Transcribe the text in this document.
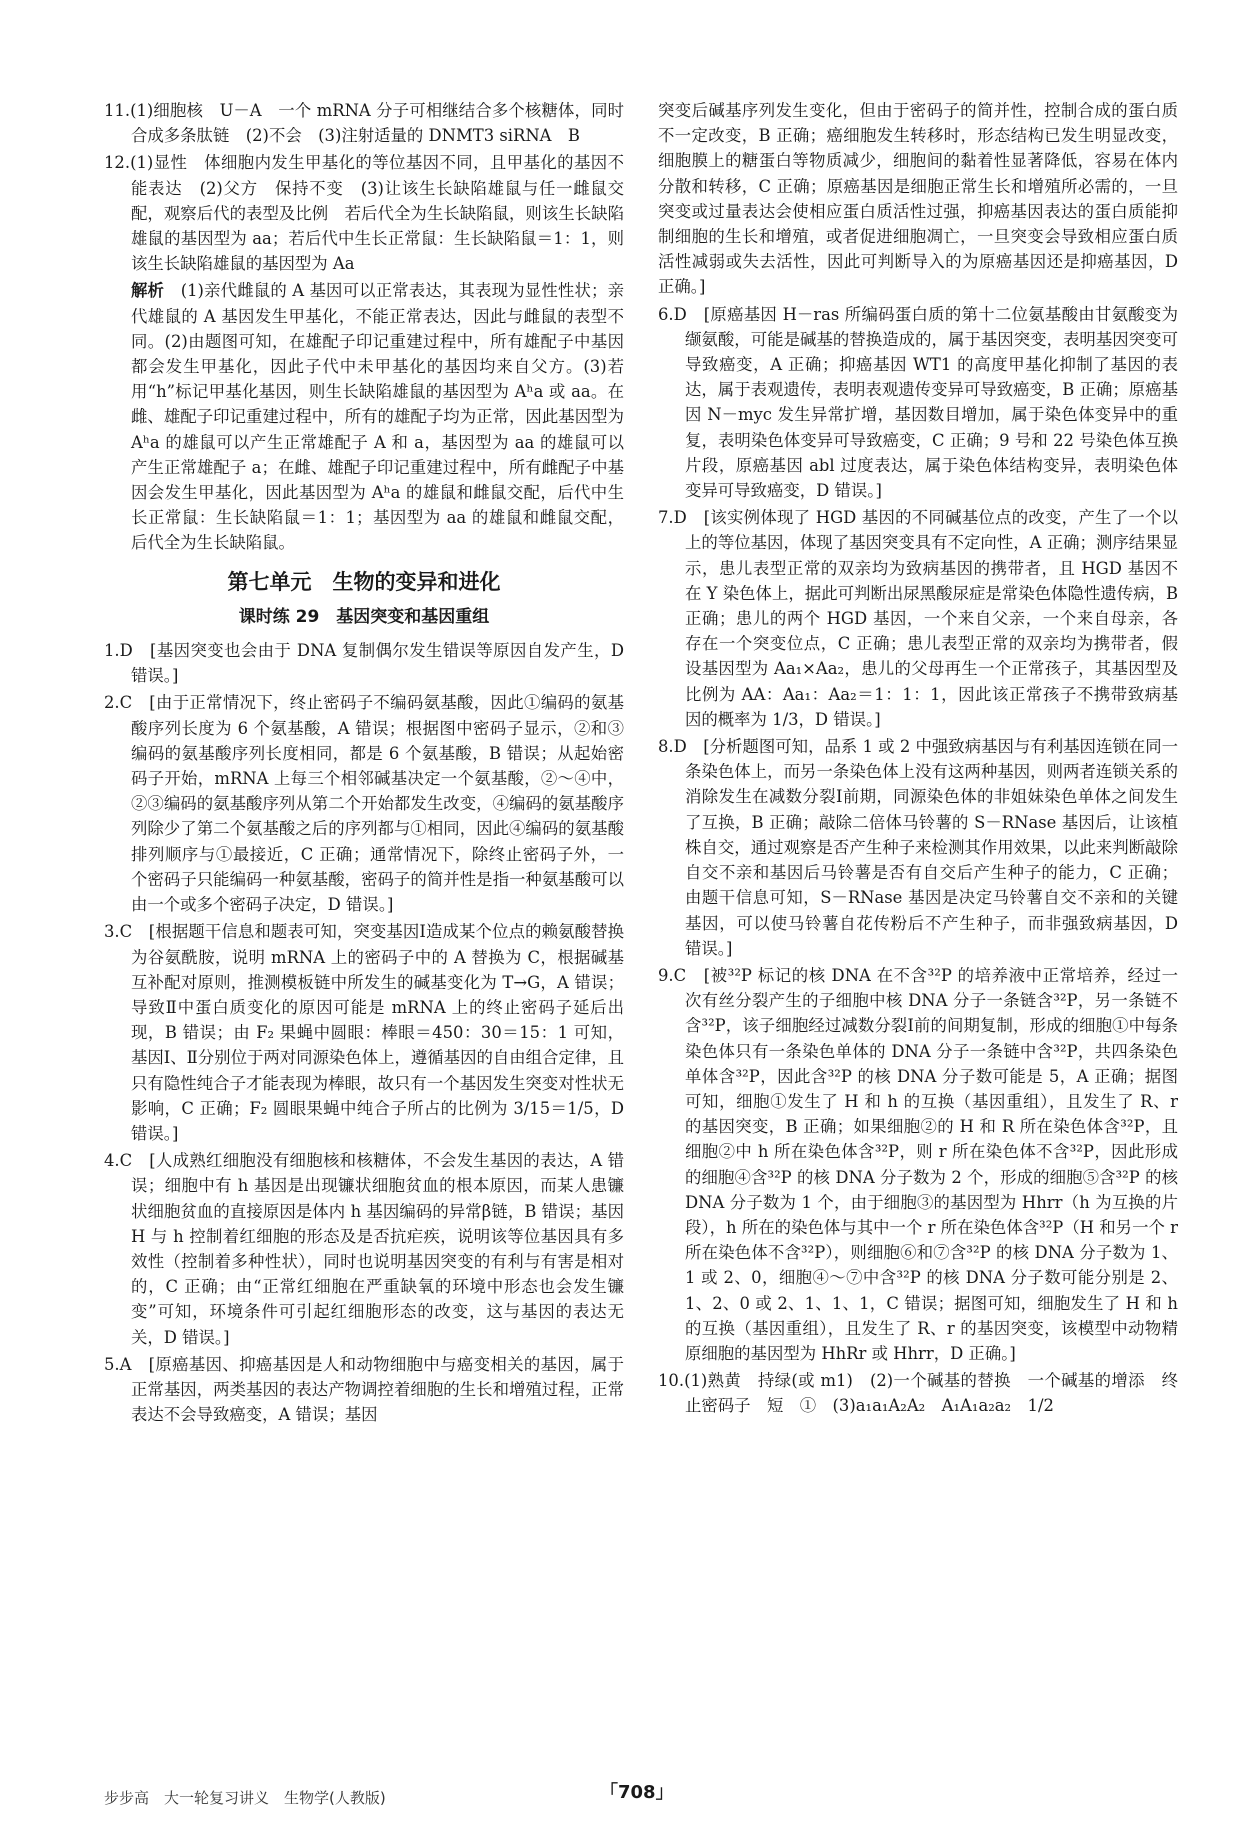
11.(1)细胞核　U－A　一个 mRNA 分子可相继结合多个核糖体，同时合成多条肽链　(2)不会　(3)注射适量的 DNMT3 siRNA　B

12.(1)显性　体细胞内发生甲基化的等位基因不同，且甲基化的基因不能表达　(2)父方　保持不变　(3)让该生长缺陷雄鼠与任一雌鼠交配，观察后代的表型及比例　若后代全为生长缺陷鼠，则该生长缺陷雄鼠的基因型为 aa；若后代中生长正常鼠：生长缺陷鼠＝1：1，则该生长缺陷雄鼠的基因型为 Aa

解析　 (1)亲代雌鼠的 A 基因可以正常表达，其表现为显性性状；亲代雄鼠的 A 基因发生甲基化，不能正常表达，因此与雌鼠的表型不同。(2)由题图可知，在雄配子印记重建过程中，所有雄配子中基因都会发生甲基化，因此子代中未甲基化的基因均来自父方。(3)若用“h”标记甲基化基因，则生长缺陷雄鼠的基因型为 Aʰa 或 aa。在雌、雄配子印记重建过程中，所有的雄配子均为正常，因此基因型为 Aʰa 的雄鼠可以产生正常雄配子 A 和 a，基因型为 aa 的雄鼠可以产生正常雄配子 a；在雌、雄配子印记重建过程中，所有雌配子中基因会发生甲基化，因此基因型为 Aʰa 的雄鼠和雌鼠交配，后代中生长正常鼠：生长缺陷鼠＝1：1；基因型为 aa 的雄鼠和雌鼠交配，后代全为生长缺陷鼠。

第七单元　生物的变异和进化
课时练 29　基因突变和基因重组

1.D　[基因突变也会由于 DNA 复制偶尔发生错误等原因自发产生，D 错误。]

2.C　[由于正常情况下，终止密码子不编码氨基酸，因此①编码的氨基酸序列长度为 6 个氨基酸，A 错误；根据图中密码子显示，②和③编码的氨基酸序列长度相同，都是 6 个氨基酸，B 错误；从起始密码子开始，mRNA 上每三个相邻碱基决定一个氨基酸，②～④中，②③编码的氨基酸序列从第二个开始都发生改变，④编码的氨基酸序列除少了第二个氨基酸之后的序列都与①相同，因此④编码的氨基酸排列顺序与①最接近，C 正确；通常情况下，除终止密码子外，一个密码子只能编码一种氨基酸，密码子的简并性是指一种氨基酸可以由一个或多个密码子决定，D 错误。]

3.C　[根据题干信息和题表可知，突变基因Ⅰ造成某个位点的赖氨酸替换为谷氨酰胺，说明 mRNA 上的密码子中的 A 替换为 C，根据碱基互补配对原则，推测模板链中所发生的碱基变化为 T→G，A 错误；导致Ⅱ中蛋白质变化的原因可能是 mRNA 上的终止密码子延后出现，B 错误；由 F₂ 果蝇中圆眼：棒眼＝450：30＝15：1 可知，基因Ⅰ、Ⅱ分别位于两对同源染色体上，遵循基因的自由组合定律，且只有隐性纯合子才能表现为棒眼，故只有一个基因发生突变对性状无影响，C 正确；F₂ 圆眼果蝇中纯合子所占的比例为 3/15＝1/5，D 错误。]

4.C　[人成熟红细胞没有细胞核和核糖体，不会发生基因的表达，A 错误；细胞中有 h 基因是出现镰状细胞贫血的根本原因，而某人患镰状细胞贫血的直接原因是体内 h 基因编码的异常β链，B 错误；基因 H 与 h 控制着红细胞的形态及是否抗疟疾，说明该等位基因具有多效性（控制着多种性状），同时也说明基因突变的有利与有害是相对的，C 正确；由“正常红细胞在严重缺氧的环境中形态也会发生镰变”可知，环境条件可引起红细胞形态的改变，这与基因的表达无关，D 错误。]

5.A　[原癌基因、抑癌基因是人和动物细胞中与癌变相关的基因，属于正常基因，两类基因的表达产物调控着细胞的生长和增殖过程，正常表达不会导致癌变，A 错误；基因

突变后碱基序列发生变化，但由于密码子的简并性，控制合成的蛋白质不一定改变，B 正确；癌细胞发生转移时，形态结构已发生明显改变，细胞膜上的糖蛋白等物质减少，细胞间的黏着性显著降低，容易在体内分散和转移，C 正确；原癌基因是细胞正常生长和增殖所必需的，一旦突变或过量表达会使相应蛋白质活性过强，抑癌基因表达的蛋白质能抑制细胞的生长和增殖，或者促进细胞凋亡，一旦突变会导致相应蛋白质活性减弱或失去活性，因此可判断导入的为原癌基因还是抑癌基因，D 正确。]

6.D　[原癌基因 H－ras 所编码蛋白质的第十二位氨基酸由甘氨酸变为缬氨酸，可能是碱基的替换造成的，属于基因突变，表明基因突变可导致癌变，A 正确；抑癌基因 WT1 的高度甲基化抑制了基因的表达，属于表观遗传，表明表观遗传变异可导致癌变，B 正确；原癌基因 N－myc 发生异常扩增，基因数目增加，属于染色体变异中的重复，表明染色体变异可导致癌变，C 正确；9 号和 22 号染色体互换片段，原癌基因 abl 过度表达，属于染色体结构变异，表明染色体变异可导致癌变，D 错误。]

7.D　[该实例体现了 HGD 基因的不同碱基位点的改变，产生了一个以上的等位基因，体现了基因突变具有不定向性，A 正确；测序结果显示，患儿表型正常的双亲均为致病基因的携带者，且 HGD 基因不在 Y 染色体上，据此可判断出尿黑酸尿症是常染色体隐性遗传病，B 正确；患儿的两个 HGD 基因，一个来自父亲，一个来自母亲，各存在一个突变位点，C 正确；患儿表型正常的双亲均为携带者，假设基因型为 Aa₁×Aa₂，患儿的父母再生一个正常孩子，其基因型及比例为 AA：Aa₁：Aa₂＝1：1：1，因此该正常孩子不携带致病基因的概率为 1/3，D 错误。]

8.D　[分析题图可知，品系 1 或 2 中强致病基因与有利基因连锁在同一条染色体上，而另一条染色体上没有这两种基因，则两者连锁关系的消除发生在减数分裂Ⅰ前期，同源染色体的非姐妹染色单体之间发生了互换，B 正确；敲除二倍体马铃薯的 S－RNase 基因后，让该植株自交，通过观察是否产生种子来检测其作用效果，以此来判断敲除自交不亲和基因后马铃薯是否有自交后产生种子的能力，C 正确；由题干信息可知，S－RNase 基因是决定马铃薯自交不亲和的关键基因，可以使马铃薯自花传粉后不产生种子，而非强致病基因，D 错误。]

9.C　[被³²P 标记的核 DNA 在不含³²P 的培养液中正常培养，经过一次有丝分裂产生的子细胞中核 DNA 分子一条链含³²P，另一条链不含³²P，该子细胞经过减数分裂Ⅰ前的间期复制，形成的细胞①中每条染色体只有一条染色单体的 DNA 分子一条链中含³²P，共四条染色单体含³²P，因此含³²P 的核 DNA 分子数可能是 5，A 正确；据图可知，细胞①发生了 H 和 h 的互换（基因重组），且发生了 R、r 的基因突变，B 正确；如果细胞②的 H 和 R 所在染色体含³²P，且细胞②中 h 所在染色体含³²P，则 r 所在染色体不含³²P，因此形成的细胞④含³²P 的核 DNA 分子数为 2 个，形成的细胞⑤含³²P 的核 DNA 分子数为 1 个，由于细胞③的基因型为 Hhrr（h 为互换的片段），h 所在的染色体与其中一个 r 所在染色体含³²P（H 和另一个 r 所在染色体不含³²P），则细胞⑥和⑦含³²P 的核 DNA 分子数为 1、1 或 2、0，细胞④～⑦中含³²P 的核 DNA 分子数可能分别是 2、1、2、0 或 2、1、1、1，C 错误；据图可知，细胞发生了 H 和 h 的互换（基因重组），且发生了 R、r 的基因突变，该模型中动物精原细胞的基因型为 HhRr 或 Hhrr，D 正确。]

10.(1)熟黄　持绿(或 m1)　(2)一个碱基的替换　一个碱基的增添　终止密码子　短　①　(3)a₁a₁A₂A₂　A₁A₁a₂a₂　1/2

步步高　大一轮复习讲义　生物学(人教版)	「708」
